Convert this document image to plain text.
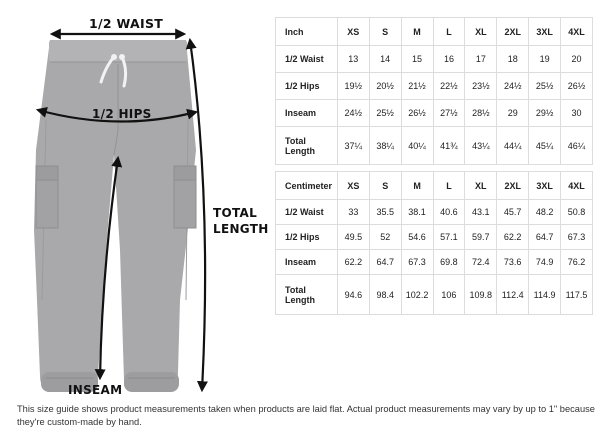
1/2 WAIST
1/2 HIPS
TOTAL
LENGTH
INSEAM
Inch	XS	S	M	L	XL	2XL	3XL	4XL
1/2 Waist	13	14	15	16	17	18	19	20
1/2 Hips	19½	20½	21½	22½	23½	24½	25½	26½
Inseam	24½	25½	26½	27½	28½	29	29½	30

Total
Length	37¼	38¼	40¼	41¾	43¼	44¼	45¼	46¼
Centimeter	XS	S	M	L	XL	2XL	3XL	4XL
1/2 Waist	33	35.5	38.1	40.6	43.1	45.7	48.2	50.8
1/2 Hips	49.5	52	54.6	57.1	59.7	62.2	64.7	67.3
Inseam	62.2	64.7	67.3	69.8	72.4	73.6	74.9	76.2

Total
Length	94.6	98.4	102.2	106	109.8	112.4	114.9	117.5
This size guide shows product measurements taken when products are laid flat. Actual product measurements may vary by up to 1" because they're custom-made by hand.
